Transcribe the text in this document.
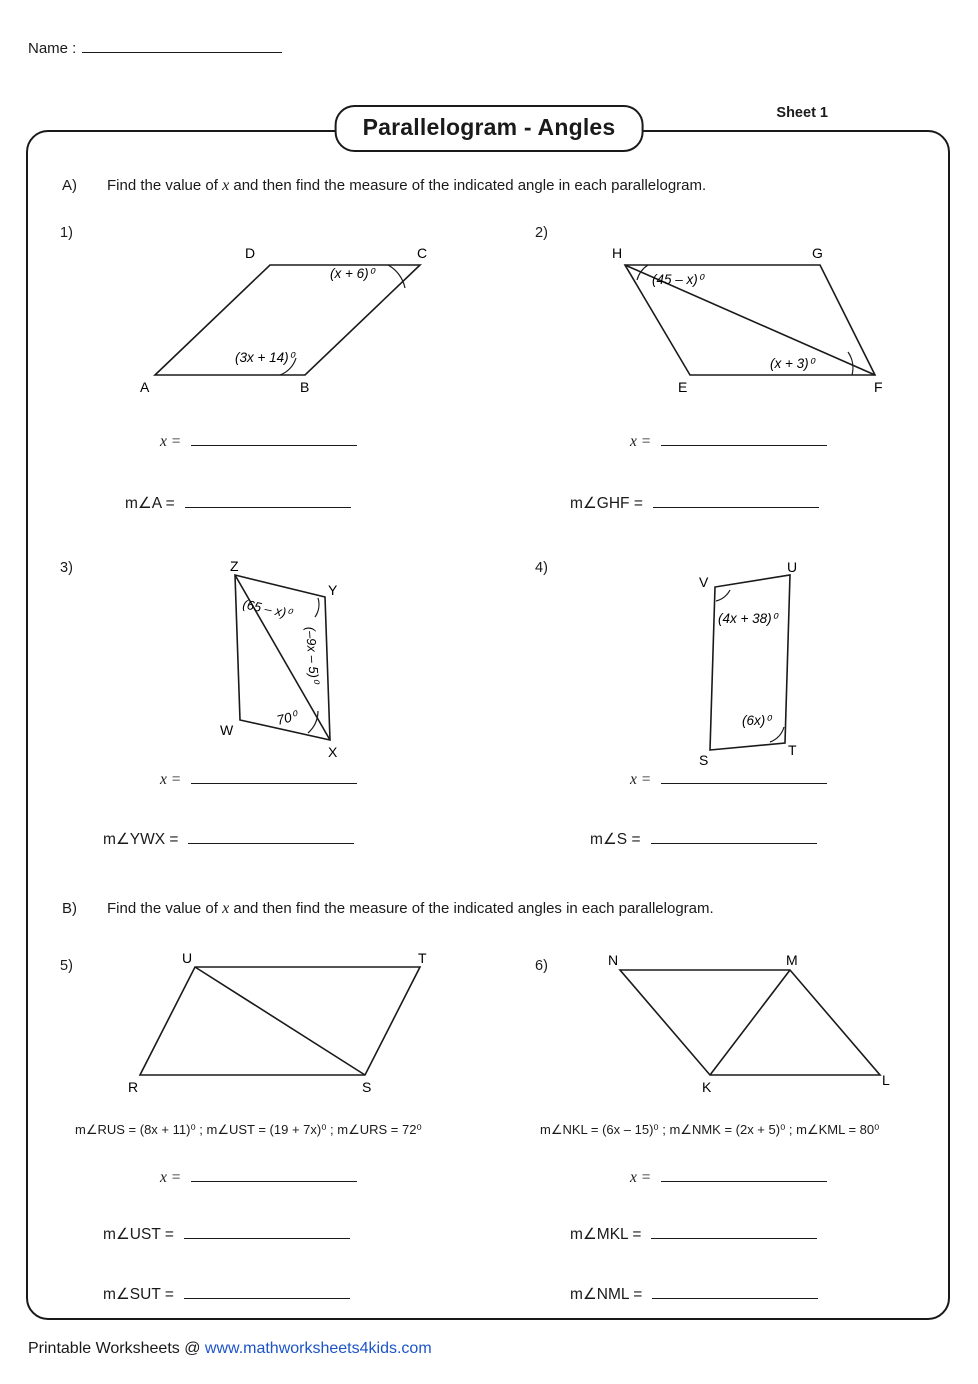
Name :
Sheet 1
Parallelogram - Angles
A) Find the value of x and then find the measure of the indicated angle in each parallelogram.
1)
A	B
C
D
(x + 6)⁰
(3x + 14)⁰
x =
m∠A =
2)
H	G
E	F
(45 – x)⁰
(x + 3)⁰
x =
m∠GHF =
3)	Z
Y
W
X
(65 – x)⁰
(–9x – 5)⁰
70⁰
x =
m∠YWX =
4)	U
V
S
T
(4x + 38)⁰
(6x)⁰
x =
m∠S =
B) Find the value of x and then find the measure of the indicated angles in each parallelogram.
5)	U	T
R	S
m∠RUS = (8x + 11)⁰ ; m∠UST = (19 + 7x)⁰ ; m∠URS = 72⁰
x =
m∠UST =
m∠SUT =
6)	N	M
K	L
m∠NKL = (6x – 15)⁰ ; m∠NMK = (2x + 5)⁰ ; m∠KML = 80⁰
x =
m∠MKL =
m∠NML =
Printable Worksheets @ www.mathworksheets4kids.com
